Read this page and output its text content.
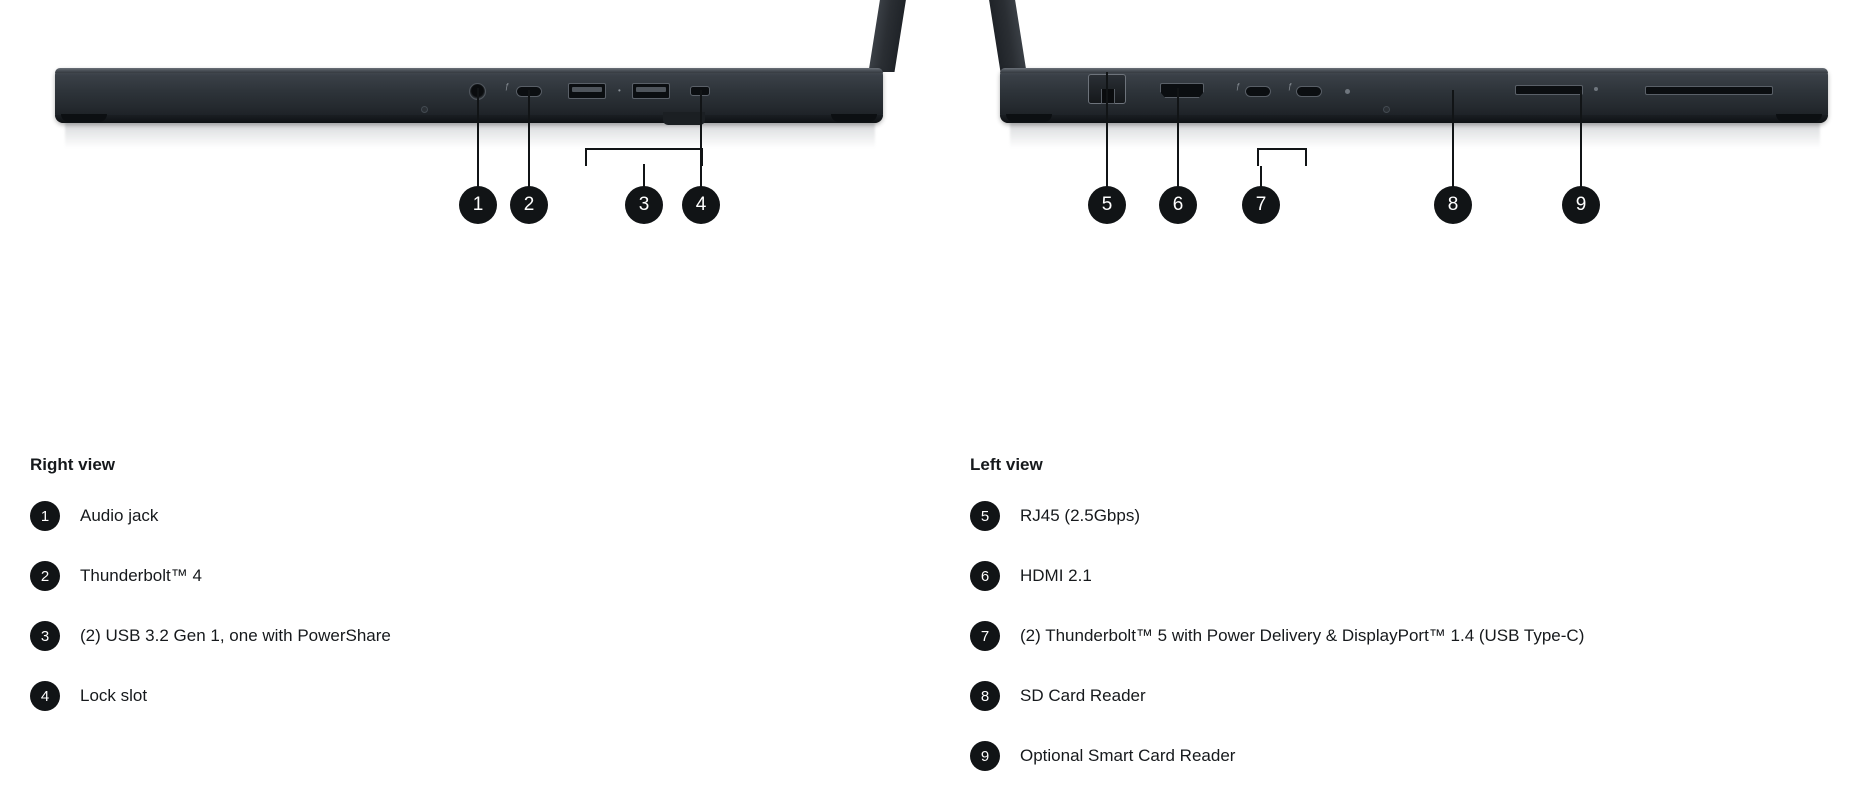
ƒ	•
1	2	3	4
ƒ	ƒ
5	6	7	8	9
Right view
1	Audio jack
2	Thunderbolt™ 4
3	(2) USB 3.2 Gen 1, one with PowerShare
4	Lock slot
Left view
5	RJ45 (2.5Gbps)
6	HDMI 2.1
7	(2) Thunderbolt™ 5 with Power Delivery & DisplayPort™ 1.4 (USB Type-C)
8	SD Card Reader
9	Optional Smart Card Reader
